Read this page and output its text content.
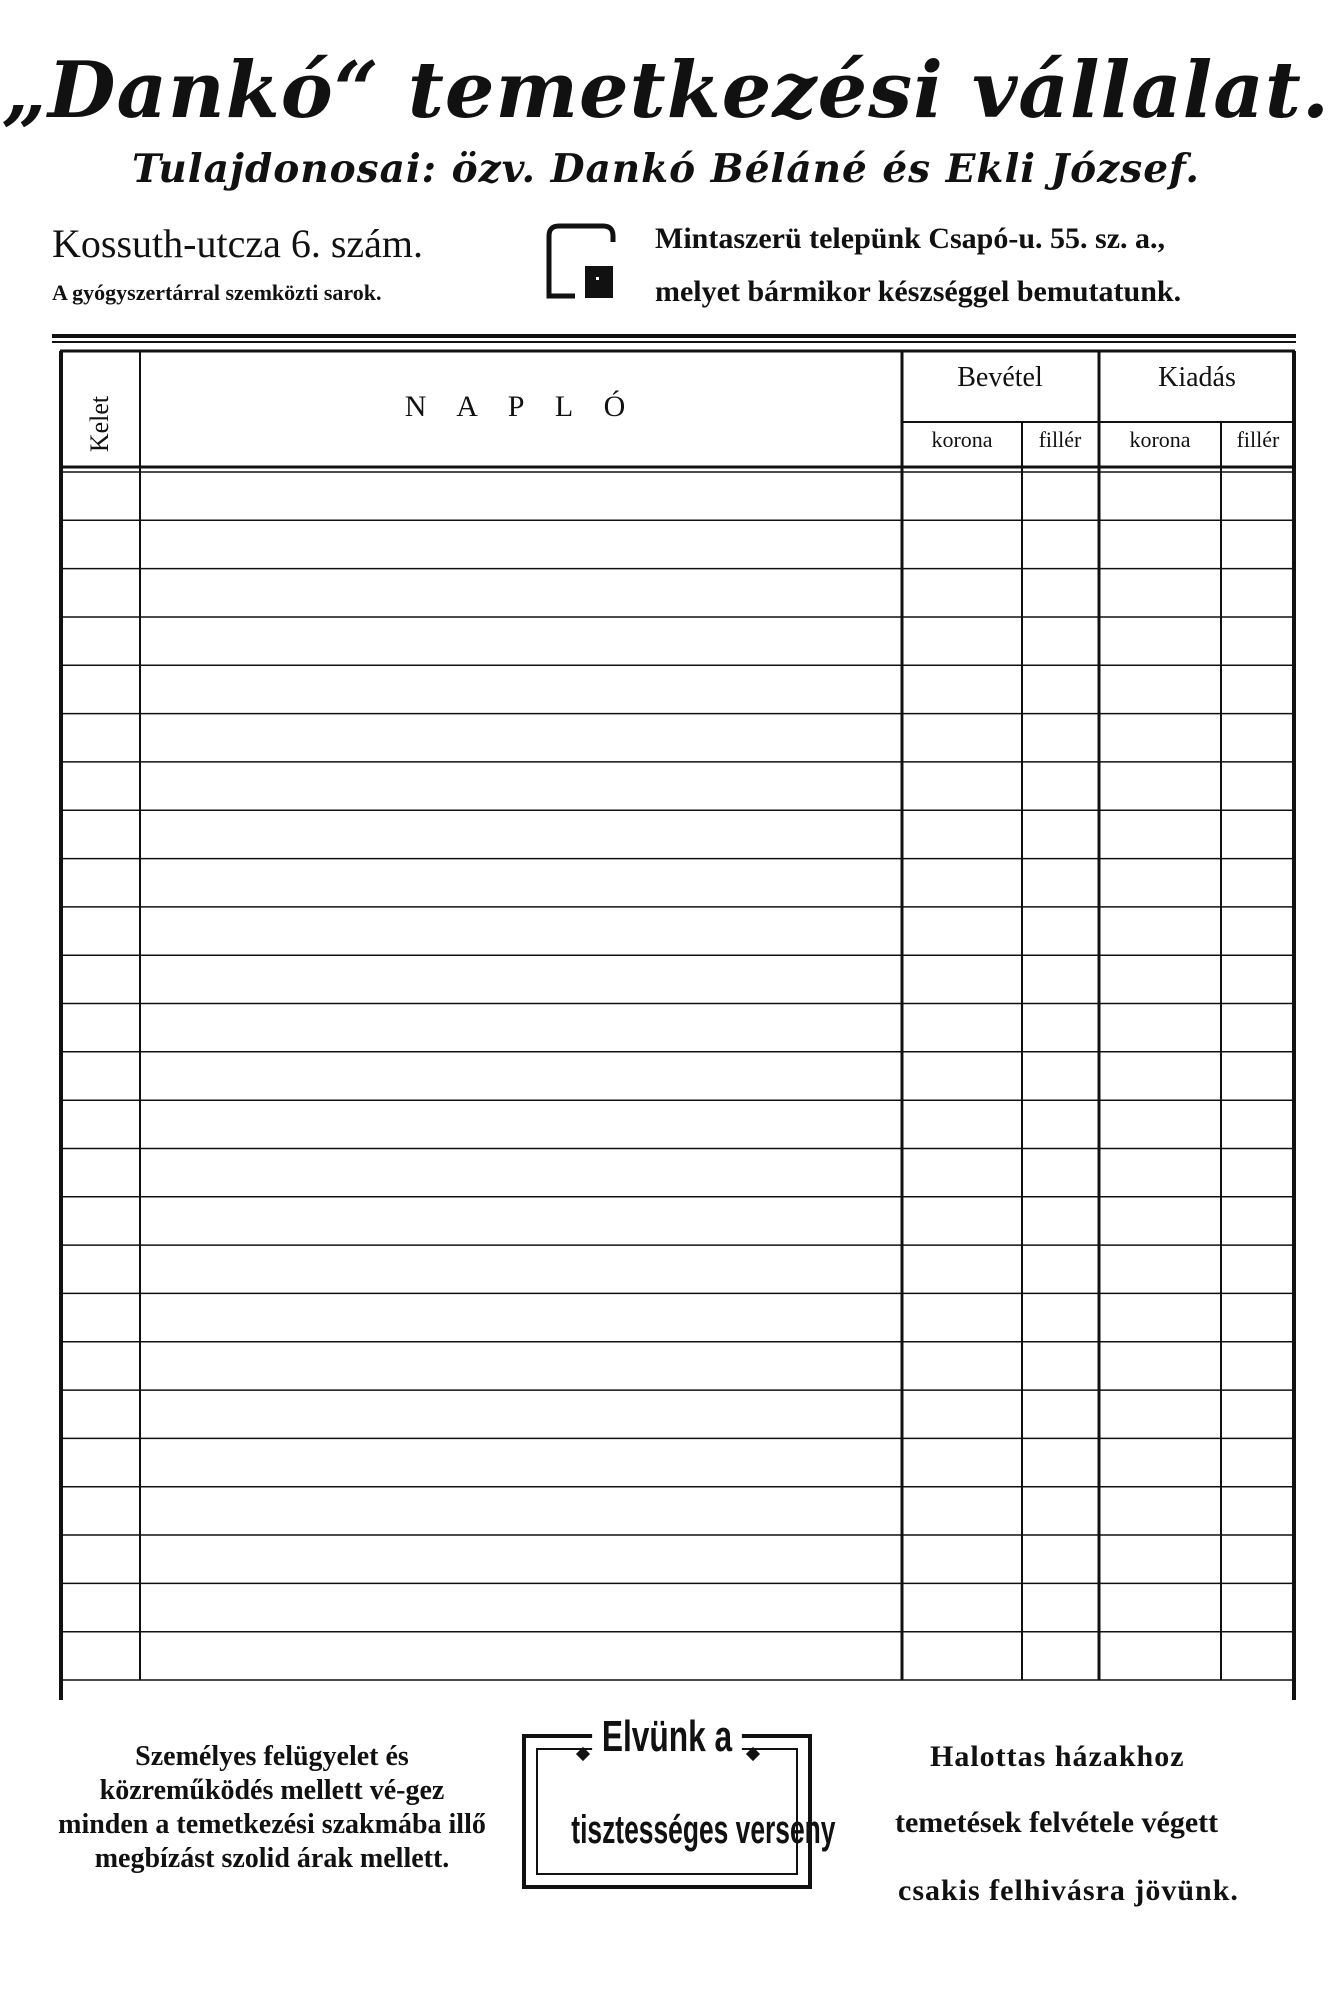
„Dankó“ temetkezési vállalat.
Tulajdonosai: özv. Dankó Béláné és Ekli József.
Kossuth-utcza 6. szám.
A gyógyszertárral szemközti sarok.
Mintaszerü telepünk Csapó-u. 55. sz. a.,
melyet bármikor készséggel bemutatunk.
Kelet	N A P L Ó
Bevétel	Kiadás
korona	fillér	korona	fillér
Személyes felügyelet és közreműködés mellett vé-gez minden a temetkezési szakmába illő megbízást szolid árak mellett.
Elvünk a
tisztességes verseny
Halottas házakhoz
temetések felvétele végett
csakis felhivásra jövünk.
